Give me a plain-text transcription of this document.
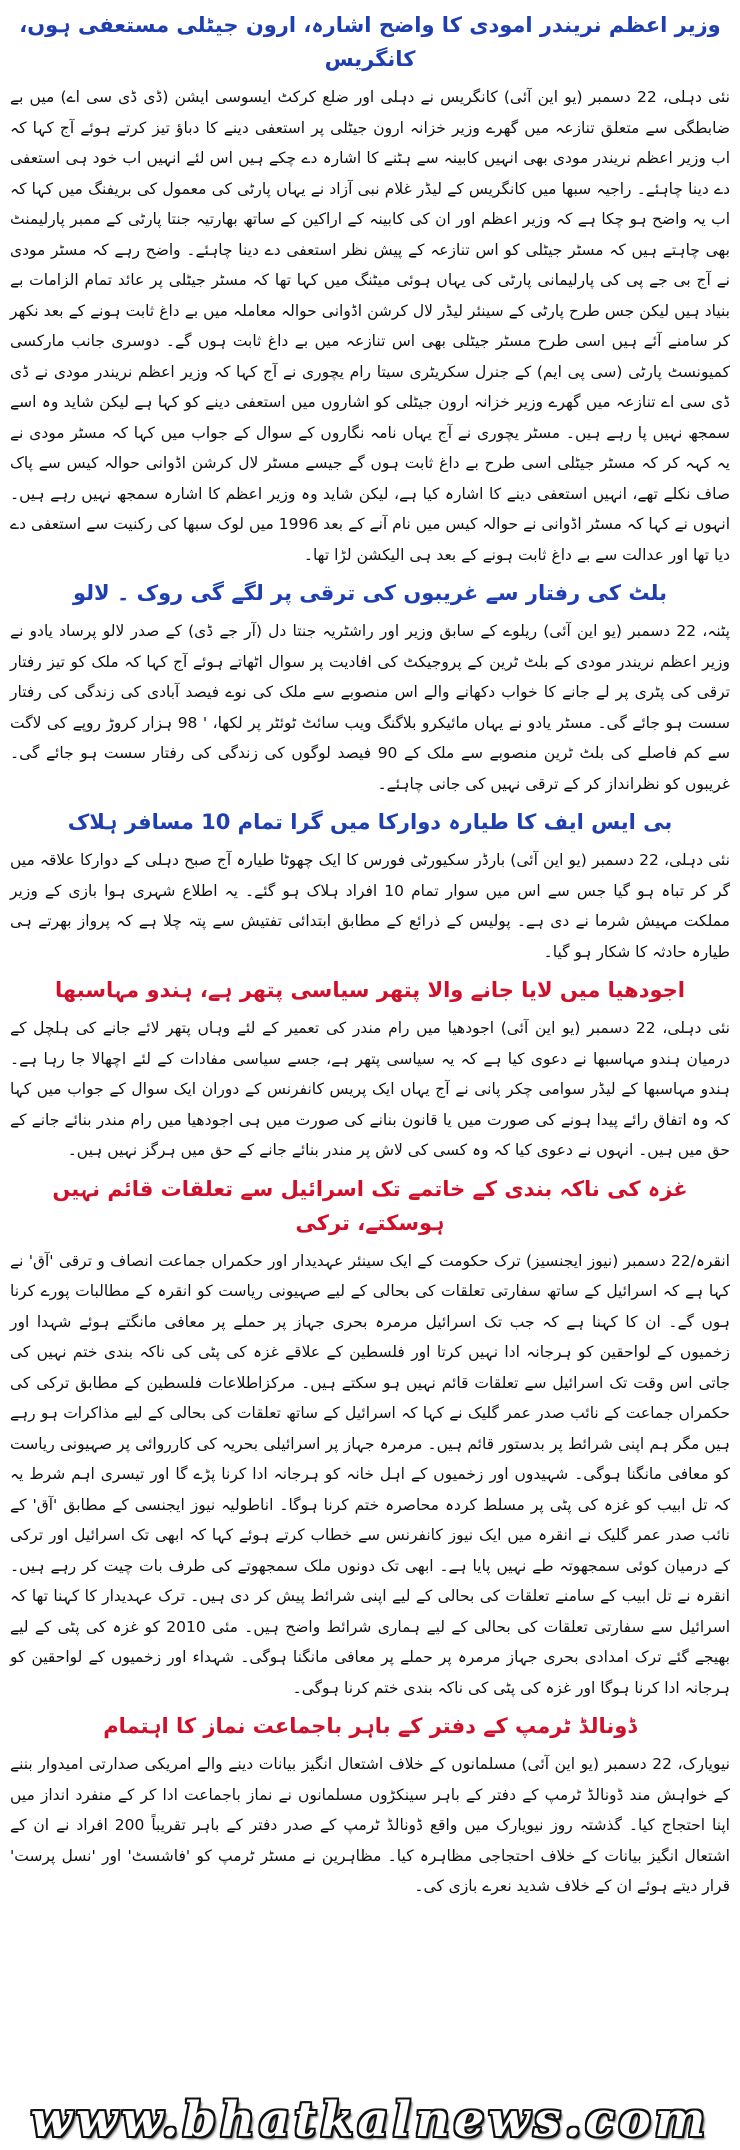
وزیر اعظم نریندر امودی کا واضح اشارہ، ارون جیٹلی مستعفی ہوں، کانگریس

نئی دہلی، 22 دسمبر (یو این آئی) کانگریس نے دہلی اور ضلع کرکٹ ایسوسی ایشن (ڈی ڈی سی اے) میں بے ضابطگی سے متعلق تنازعہ میں گھرے وزیر خزانہ ارون جیٹلی پر استعفی دینے کا دباؤ تیز کرتے ہوئے آج کہا کہ اب وزیر اعظم نریندر مودی بھی انہیں کابینہ سے ہٹنے کا اشارہ دے چکے ہیں اس لئے انہیں اب خود ہی استعفی دے دینا چاہئے۔ راجیہ سبھا میں کانگریس کے لیڈر غلام نبی آزاد نے یہاں پارٹی کی معمول کی بریفنگ میں کہا کہ اب یہ واضح ہو چکا ہے کہ وزیر اعظم اور ان کی کابینہ کے اراکین کے ساتھ بھارتیہ جنتا پارٹی کے ممبر پارلیمنٹ بھی چاہتے ہیں کہ مسٹر جیٹلی کو اس تنازعہ کے پیش نظر استعفی دے دینا چاہئے۔ واضح رہے کہ مسٹر مودی نے آج بی جے پی کی پارلیمانی پارٹی کی یہاں ہوئی میٹنگ میں کہا تھا کہ مسٹر جیٹلی پر عائد تمام الزامات بے بنیاد ہیں لیکن جس طرح پارٹی کے سینئر لیڈر لال کرشن اڈوانی حوالہ معاملہ میں بے داغ ثابت ہونے کے بعد نکھر کر سامنے آئے ہیں اسی طرح مسٹر جیٹلی بھی اس تنازعہ میں بے داغ ثابت ہوں گے۔ دوسری جانب مارکسی کمیونسٹ پارٹی (سی پی ایم) کے جنرل سکریٹری سیتا رام یچوری نے آج کہا کہ وزیر اعظم نریندر مودی نے ڈی ڈی سی اے تنازعہ میں گھرے وزیر خزانہ ارون جیٹلی کو اشاروں میں استعفی دینے کو کہا ہے لیکن شاید وہ اسے سمجھ نہیں پا رہے ہیں۔ مسٹر یچوری نے آج یہاں نامہ نگاروں کے سوال کے جواب میں کہا کہ مسٹر مودی نے یہ کہہ کر کہ مسٹر جیٹلی اسی طرح بے داغ ثابت ہوں گے جیسے مسٹر لال کرشن اڈوانی حوالہ کیس سے پاک صاف نکلے تھے، انہیں استعفی دینے کا اشارہ کیا ہے، لیکن شاید وہ وزیر اعظم کا اشارہ سمجھ نہیں رہے ہیں۔ انہوں نے کہا کہ مسٹر اڈوانی نے حوالہ کیس میں نام آنے کے بعد 1996 میں لوک سبھا کی رکنیت سے استعفی دے دیا تھا اور عدالت سے بے داغ ثابت ہونے کے بعد ہی الیکشن لڑا تھا۔

بلٹ کی رفتار سے غریبوں کی ترقی پر لگے گی روک ۔ لالو

پٹنہ، 22 دسمبر (یو این آئی) ریلوے کے سابق وزیر اور راشٹریہ جنتا دل (آر جے ڈی) کے صدر لالو پرساد یادو نے وزیر اعظم نریندر مودی کے بلٹ ٹرین کے پروجیکٹ کی افادیت پر سوال اٹھاتے ہوئے آج کہا کہ ملک کو تیز رفتار ترقی کی پٹری پر لے جانے کا خواب دکھانے والے اس منصوبے سے ملک کی نوے فیصد آبادی کی زندگی کی رفتار سست ہو جائے گی۔ مسٹر یادو نے یہاں مائیکرو بلاگنگ ویب سائٹ ٹوئٹر پر لکھا، ' 98 ہزار کروڑ روپے کی لاگت سے کم فاصلے کی بلٹ ٹرین منصوبے سے ملک کے 90 فیصد لوگوں کی زندگی کی رفتار سست ہو جائے گی۔ غریبوں کو نظرانداز کر کے ترقی نہیں کی جانی چاہئے۔

بی ایس ایف کا طیارہ دوارکا میں گرا تمام 10 مسافر ہلاک

نئی دہلی، 22 دسمبر (یو این آئی) بارڈر سکیورٹی فورس کا ایک چھوٹا طیارہ آج صبح دہلی کے دوارکا علاقہ میں گر کر تباہ ہو گیا جس سے اس میں سوار تمام 10 افراد ہلاک ہو گئے۔ یہ اطلاع شہری ہوا بازی کے وزیر مملکت مہیش شرما نے دی ہے۔ پولیس کے ذرائع کے مطابق ابتدائی تفتیش سے پتہ چلا ہے کہ پرواز بھرتے ہی طیارہ حادثہ کا شکار ہو گیا۔

اجودھیا میں لایا جانے والا پتھر سیاسی پتھر ہے، ہندو مہاسبھا

نئی دہلی، 22 دسمبر (یو این آئی) اجودھیا میں رام مندر کی تعمیر کے لئے وہاں پتھر لائے جانے کی ہلچل کے درمیان ہندو مہاسبھا نے دعوی کیا ہے کہ یہ سیاسی پتھر ہے، جسے سیاسی مفادات کے لئے اچھالا جا رہا ہے۔ ہندو مہاسبھا کے لیڈر سوامی چکر پانی نے آج یہاں ایک پریس کانفرنس کے دوران ایک سوال کے جواب میں کہا کہ وہ اتفاق رائے پیدا ہونے کی صورت میں یا قانون بنانے کی صورت میں ہی اجودھیا میں رام مندر بنائے جانے کے حق میں ہیں۔ انہوں نے دعوی کیا کہ وہ کسی کی لاش پر مندر بنائے جانے کے حق میں ہرگز نہیں ہیں۔

غزہ کی ناکہ بندی کے خاتمے تک اسرائیل سے تعلقات قائم نہیں ہوسکتے، ترکی

انقرہ/22 دسمبر (نیوز ایجنسیز) ترک حکومت کے ایک سینئر عہدیدار اور حکمراں جماعت انصاف و ترقی 'آق' نے کہا ہے کہ اسرائیل کے ساتھ سفارتی تعلقات کی بحالی کے لیے صہیونی ریاست کو انقرہ کے مطالبات پورے کرنا ہوں گے۔ ان کا کہنا ہے کہ جب تک اسرائیل مرمرہ بحری جہاز پر حملے پر معافی مانگتے ہوئے شہدا اور زخمیوں کے لواحقین کو ہرجانہ ادا نہیں کرتا اور فلسطین کے علاقے غزہ کی پٹی کی ناکہ بندی ختم نہیں کی جاتی اس وقت تک اسرائیل سے تعلقات قائم نہیں ہو سکتے ہیں۔ مرکزاطلاعات فلسطین کے مطابق ترکی کی حکمراں جماعت کے نائب صدر عمر گلیک نے کہا کہ اسرائیل کے ساتھ تعلقات کی بحالی کے لیے مذاکرات ہو رہے ہیں مگر ہم اپنی شرائط پر بدستور قائم ہیں۔ مرمرہ جہاز پر اسرائیلی بحریہ کی کارروائی پر صہیونی ریاست کو معافی مانگنا ہوگی۔ شہیدوں اور زخمیوں کے اہل خانہ کو ہرجانہ ادا کرنا پڑے گا اور تیسری اہم شرط یہ کہ تل ابیب کو غزہ کی پٹی پر مسلط کردہ محاصرہ ختم کرنا ہوگا۔ اناطولیہ نیوز ایجنسی کے مطابق 'آق' کے نائب صدر عمر گلیک نے انقرہ میں ایک نیوز کانفرنس سے خطاب کرتے ہوئے کہا کہ ابھی تک اسرائیل اور ترکی کے درمیان کوئی سمجھوتہ طے نہیں پایا ہے۔ ابھی تک دونوں ملک سمجھوتے کی طرف بات چیت کر رہے ہیں۔ انقرہ نے تل ابیب کے سامنے تعلقات کی بحالی کے لیے اپنی شرائط پیش کر دی ہیں۔ ترک عہدیدار کا کہنا تھا کہ اسرائیل سے سفارتی تعلقات کی بحالی کے لیے ہماری شرائط واضح ہیں۔ مئی 2010 کو غزہ کی پٹی کے لیے بھیجے گئے ترک امدادی بحری جہاز مرمرہ پر حملے پر معافی مانگنا ہوگی۔ شہداء اور زخمیوں کے لواحقین کو ہرجانہ ادا کرنا ہوگا اور غزہ کی پٹی کی ناکہ بندی ختم کرنا ہوگی۔

ڈونالڈ ٹرمپ کے دفتر کے باہر باجماعت نماز کا اہتمام

نیویارک، 22 دسمبر (یو این آئی) مسلمانوں کے خلاف اشتعال انگیز بیانات دینے والے امریکی صدارتی امیدوار بننے کے خواہش مند ڈونالڈ ٹرمپ کے دفتر کے باہر سینکڑوں مسلمانوں نے نماز باجماعت ادا کر کے منفرد انداز میں اپنا احتجاج کیا۔ گذشتہ روز نیویارک میں واقع ڈونالڈ ٹرمپ کے صدر دفتر کے باہر تقریباً 200 افراد نے ان کے اشتعال انگیز بیانات کے خلاف احتجاجی مظاہرہ کیا۔ مظاہرین نے مسٹر ٹرمپ کو 'فاشسٹ' اور 'نسل پرست' قرار دیتے ہوئے ان کے خلاف شدید نعرے بازی کی۔

www.bhatkalnews.com
